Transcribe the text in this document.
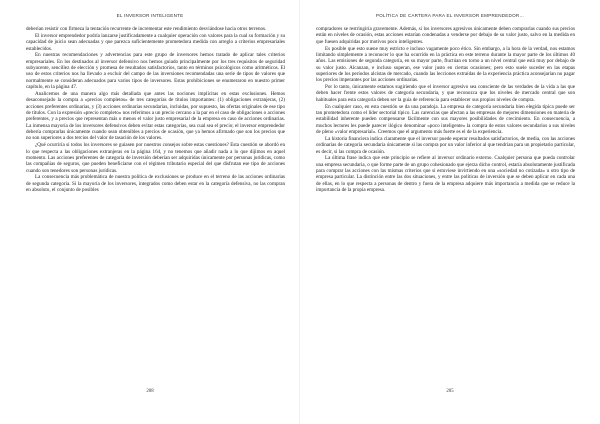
EL INVERSOR INTELIGENTE

deberían resistir con firmeza la tentación recurrente de incrementar este rendimiento desviándose hacia otros terrenos.

El inversor emprendedor podría lanzarse justificadamente a cualquier operación con valores para la cual su formación y su capacidad de juicio sean adecuadas y que parezca suficientemente prometedora medida con arreglo a criterios empresariales establecidos.

En nuestras recomendaciones y advertencias para este grupo de inversores hemos tratado de aplicar tales criterios empresariales. En los destinados al inversor defensivo nos hemos guiado principalmente por los tres requisitos de seguridad subyacente, sencillez de elección y promesa de resultados satisfactorios, tanto en términos psicológicos como aritméticos. El uso de estos criterios nos ha llevado a excluir del campo de las inversiones recomendadas una serie de tipos de valores que normalmente se consideran adecuados para varios tipos de inversores. Estas prohibiciones se enumeraron en nuestro primer capítulo, en la página 47.

Analicemos de una manera algo más detallada que antes las nociones implícitas en estas exclusiones. Hemos desaconsejado la compra a «precios completos» de tres categorías de títulos importantes: (1) obligaciones extranjeras, (2) acciones preferentes ordinarias, y (3) acciones ordinarias secundarias, incluidas, por supuesto, las ofertas originales de ese tipo de títulos. Con la expresión «precio completo» nos referimos a un precio cercano a la par en el caso de obligaciones o acciones preferentes, y a precios que representan más o menos el valor justo empresarial de la empresa en caso de acciones ordinarias. La inmensa mayoría de los inversores defensivos deben evitar estas categorías, sea cual sea el precio; el inversor emprendedor debería comprarlas únicamente cuando sean obtenibles a precios de ocasión, que ya hemos afirmado que son los precios que no son superiores a dos tercios del valor de tasación de los valores.

¿Qué ocurriría si todos los inversores se guiasen por nuestros consejos sobre estas cuestiones? Esta cuestión se abordó en lo que respecta a las obligaciones extranjeras en la página 164, y no tenemos que añadir nada a lo que dijimos en aquel momento. Las acciones preferentes de categoría de inversión deberían ser adquiridas únicamente por personas jurídicas, como las compañías de seguros, que pueden beneficiarse con el régimen tributario especial del que disfrutan ese tipo de acciones cuando son tenedores son personas jurídicas.

La consecuencia más problemática de nuestra política de exclusiones se produce en el terreno de las acciones ordinarias de segunda categoría. Si la mayoría de los inversores, integrados como deben estar en la categoría defensiva, no las compran en absoluto, el conjunto de posibles

208
POLÍTICA DE CARTERA PARA EL INVERSOR EMPRENDEDOR…

compradores se restringiría gravemente. Además, si los inversores agresivos únicamente deben comprarlas cuando sus precios están en niveles de ocasión, estas acciones estarían condenadas a venderse por debajo de su valor justo, salvo en la medida en que fuesen adquiridas por motivos poco inteligentes.

Es posible que esto suene muy estricto e incluso vagamente poco ético. Sin embargo, a la hora de la verdad, nos estamos limitando simplemente a reconocer lo que ha ocurrido en la práctica en este terreno durante la mayor parte de los últimos 40 años. Las emisiones de segunda categoría, en su mayor parte, fluctúan en torno a un nivel central que está muy por debajo de su valor justo. Alcanzan, e incluso superan, ese valor justo en ciertas ocasiones; pero esto suele suceder en las etapas superiores de los períodos alcistas de mercado, cuando las lecciones extraídas de la experiencia práctica aconsejarían no pagar los precios imperantes por las acciones ordinarias.

Por lo tanto, únicamente estamos sugiriendo que el inversor agresivo sea consciente de las verdades de la vida a las que deben hacer frente estos valores de categoría secundaria, y que reconozca que los niveles de mercado central que son habituales para esta categoría deben ser la guía de referencia para establecer sus propios niveles de compra.

En cualquier caso, en esta cuestión se da una paradoja. La empresa de categoría secundaria bien elegida típica puede ser tan prometedora como el líder sectorial típico. Las carencias que afectan a las empresas de mejores dimensiones en materia de estabilidad inherente pueden compensarse fácilmente con sus mayores posibilidades de crecimiento. En consecuencia, a muchos lectores les puede parecer ilógico denominar «poco inteligente» la compra de estos valores secundarios a sus niveles de pleno «valor empresarial». Creemos que el argumento más fuerte es el de la experiencia.

La historia financiera indica claramente que el inversor puede esperar resultados satisfactorios, de media, con las acciones ordinarias de categoría secundaria únicamente si las compra por un valor inferior al que tendrían para un propietario particular, es decir, si las compra de ocasión.

La última frase indica que este principio se refiere al inversor ordinario externo. Cualquier persona que pueda controlar una empresa secundaria, o que forme parte de un grupo cohesionado que ejerza dicho control, estaría absolutamente justificada para comprar las acciones con las mismas criterios que si estuviese invirtiendo en una «sociedad no cotizada» u otro tipo de empresa particular. La distinción entre las dos situaciones, y entre las políticas de inversión que se deben aplicar en cada una de ellas, en lo que respecta a personas de dentro y fuera de la empresa adquiere más importancia a medida que se reduce la importancia de la propia empresa.

205
